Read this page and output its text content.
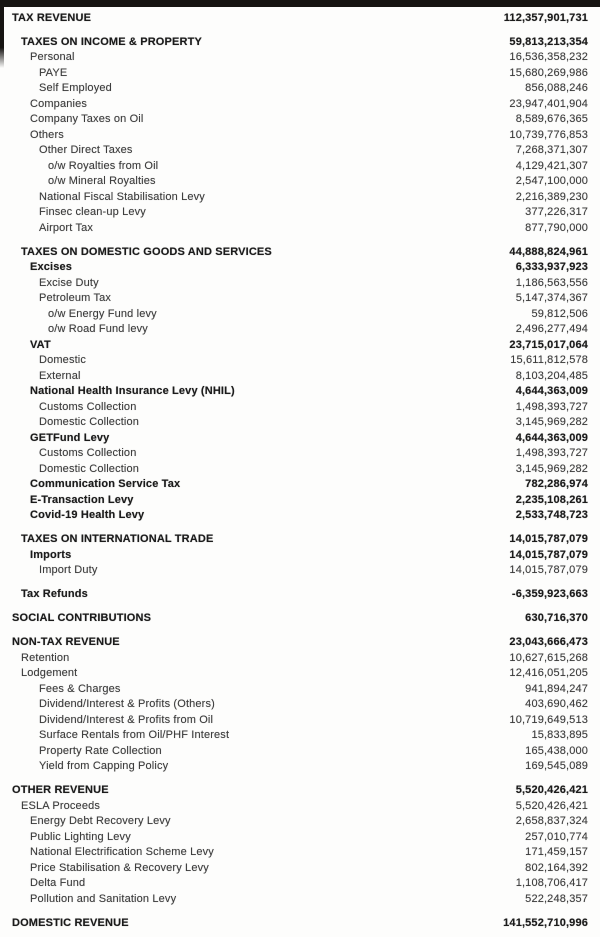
TAX REVENUE	112,357,901,731
TAXES ON INCOME & PROPERTY	59,813,213,354
Personal	16,536,358,232
PAYE	15,680,269,986
Self Employed	856,088,246
Companies	23,947,401,904
Company Taxes on Oil	8,589,676,365
Others	10,739,776,853
Other Direct Taxes	7,268,371,307
o/w Royalties from Oil	4,129,421,307
o/w Mineral Royalties	2,547,100,000
National Fiscal Stabilisation Levy	2,216,389,230
Finsec clean-up Levy	377,226,317
Airport Tax	877,790,000
TAXES ON DOMESTIC GOODS AND SERVICES	44,888,824,961
Excises	6,333,937,923
Excise Duty	1,186,563,556
Petroleum Tax	5,147,374,367
o/w Energy Fund levy	59,812,506
o/w Road Fund levy	2,496,277,494
VAT	23,715,017,064
Domestic	15,611,812,578
External	8,103,204,485
National Health Insurance Levy (NHIL)	4,644,363,009
Customs Collection	1,498,393,727
Domestic Collection	3,145,969,282
GETFund Levy	4,644,363,009
Customs Collection	1,498,393,727
Domestic Collection	3,145,969,282
Communication Service Tax	782,286,974
E-Transaction Levy	2,235,108,261
Covid-19 Health Levy	2,533,748,723
TAXES ON INTERNATIONAL TRADE	14,015,787,079
Imports	14,015,787,079
Import Duty	14,015,787,079
Tax Refunds	-6,359,923,663
SOCIAL CONTRIBUTIONS	630,716,370
NON-TAX REVENUE	23,043,666,473
Retention	10,627,615,268
Lodgement	12,416,051,205
Fees & Charges	941,894,247
Dividend/Interest & Profits (Others)	403,690,462
Dividend/Interest & Profits from Oil	10,719,649,513
Surface Rentals from Oil/PHF Interest	15,833,895
Property Rate Collection	165,438,000
Yield from Capping Policy	169,545,089
OTHER REVENUE	5,520,426,421
ESLA Proceeds	5,520,426,421
Energy Debt Recovery Levy	2,658,837,324
Public Lighting Levy	257,010,774
National Electrification Scheme Levy	171,459,157
Price Stabilisation & Recovery Levy	802,164,392
Delta Fund	1,108,706,417
Pollution and Sanitation Levy	522,248,357
DOMESTIC REVENUE	141,552,710,996
